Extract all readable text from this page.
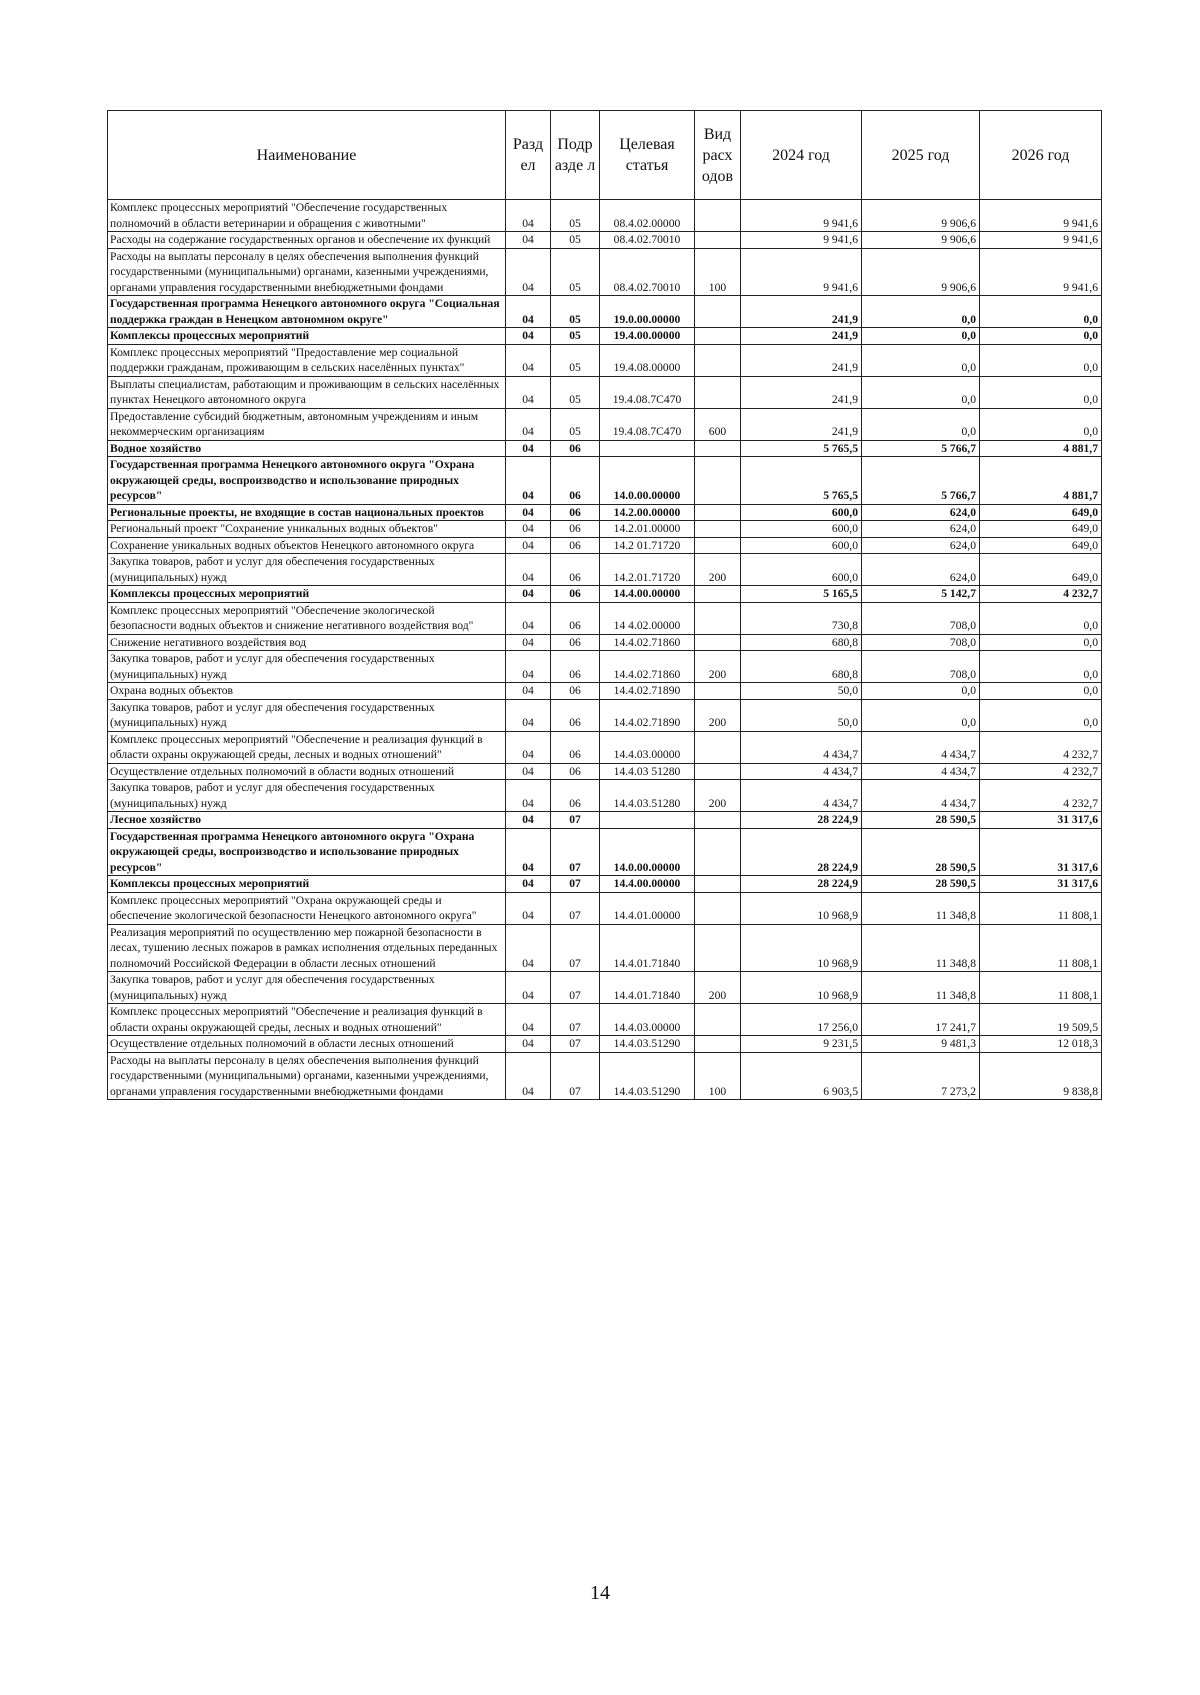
Наименование	Разд ел	Подр азде л	Целевая статья	Вид расх одов	2024 год	2025 год	2026 год
Комплекс процессных мероприятий "Обеспечение государственных полномочий в области ветеринарии и обращения с животными"	04	05	08.4.02.00000		9 941,6	9 906,6	9 941,6
Расходы на содержание государственных органов и обеспечение их функций	04	05	08.4.02.70010		9 941,6	9 906,6	9 941,6
Расходы на выплаты персоналу в целях обеспечения выполнения функций государственными (муниципальными) органами, казенными учреждениями, органами управления государственными внебюджетными фондами	04	05	08.4.02.70010	100	9 941,6	9 906,6	9 941,6
Государственная программа Ненецкого автономного округа "Социальная поддержка граждан в Ненецком автономном округе"	04	05	19.0.00.00000		241,9	0,0	0,0
Комплексы процессных мероприятий	04	05	19.4.00.00000		241,9	0,0	0,0
Комплекс процессных мероприятий "Предоставление мер социальной поддержки гражданам, проживающим в сельских населённых пунктах"	04	05	19.4.08.00000		241,9	0,0	0,0
Выплаты специалистам, работающим и проживающим в сельских населённых пунктах Ненецкого автономного округа	04	05	19.4.08.7С470		241,9	0,0	0,0
Предоставление субсидий бюджетным, автономным учреждениям и иным некоммерческим организациям	04	05	19.4.08.7С470	600	241,9	0,0	0,0
Водное хозяйство	04	06			5 765,5	5 766,7	4 881,7
Государственная программа Ненецкого автономного округа "Охрана окружающей среды, воспроизводство и использование природных ресурсов"	04	06	14.0.00.00000		5 765,5	5 766,7	4 881,7
Региональные проекты, не входящие в состав национальных проектов	04	06	14.2.00.00000		600,0	624,0	649,0
Региональный проект "Сохранение уникальных водных объектов"	04	06	14.2.01.00000		600,0	624,0	649,0
Сохранение уникальных водных объектов Ненецкого автономного округа	04	06	14.2 01.71720		600,0	624,0	649,0
Закупка товаров, работ и услуг для обеспечения государственных (муниципальных) нужд	04	06	14.2.01.71720	200	600,0	624,0	649,0
Комплексы процессных мероприятий	04	06	14.4.00.00000		5 165,5	5 142,7	4 232,7
Комплекс процессных мероприятий "Обеспечение экологической безопасности водных объектов и снижение негативного воздействия вод"	04	06	14 4.02.00000		730,8	708,0	0,0
Снижение негативного воздействия вод	04	06	14.4.02.71860		680,8	708,0	0,0
Закупка товаров, работ и услуг для обеспечения государственных (муниципальных) нужд	04	06	14.4.02.71860	200	680,8	708,0	0,0
Охрана водных объектов	04	06	14.4.02.71890		50,0	0,0	0,0
Закупка товаров, работ и услуг для обеспечения государственных (муниципальных) нужд	04	06	14.4.02.71890	200	50,0	0,0	0,0
Комплекс процессных мероприятий "Обеспечение и реализация функций в области охраны окружающей среды, лесных и водных отношений"	04	06	14.4.03.00000		4 434,7	4 434,7	4 232,7
Осуществление отдельных полномочий в области водных отношений	04	06	14.4.03 51280		4 434,7	4 434,7	4 232,7
Закупка товаров, работ и услуг для обеспечения государственных (муниципальных) нужд	04	06	14.4.03.51280	200	4 434,7	4 434,7	4 232,7
Лесное хозяйство	04	07			28 224,9	28 590,5	31 317,6
Государственная программа Ненецкого автономного округа "Охрана окружающей среды, воспроизводство и использование природных ресурсов"	04	07	14.0.00.00000		28 224,9	28 590,5	31 317,6
Комплексы процессных мероприятий	04	07	14.4.00.00000		28 224,9	28 590,5	31 317,6
Комплекс процессных мероприятий "Охрана окружающей среды и обеспечение экологической безопасности Ненецкого автономного округа"	04	07	14.4.01.00000		10 968,9	11 348,8	11 808,1
Реализация мероприятий по осуществлению мер пожарной безопасности в лесах, тушению лесных пожаров в рамках исполнения отдельных переданных полномочий Российской Федерации в области лесных отношений	04	07	14.4.01.71840		10 968,9	11 348,8	11 808,1
Закупка товаров, работ и услуг для обеспечения государственных (муниципальных) нужд	04	07	14.4.01.71840	200	10 968,9	11 348,8	11 808,1
Комплекс процессных мероприятий "Обеспечение и реализация функций в области охраны окружающей среды, лесных и водных отношений"	04	07	14.4.03.00000		17 256,0	17 241,7	19 509,5
Осуществление отдельных полномочий в области лесных отношений	04	07	14.4.03.51290		9 231,5	9 481,3	12 018,3
Расходы на выплаты персоналу в целях обеспечения выполнения функций государственными (муниципальными) органами, казенными учреждениями, органами управления государственными внебюджетными фондами	04	07	14.4.03.51290	100	6 903,5	7 273,2	9 838,8
14
